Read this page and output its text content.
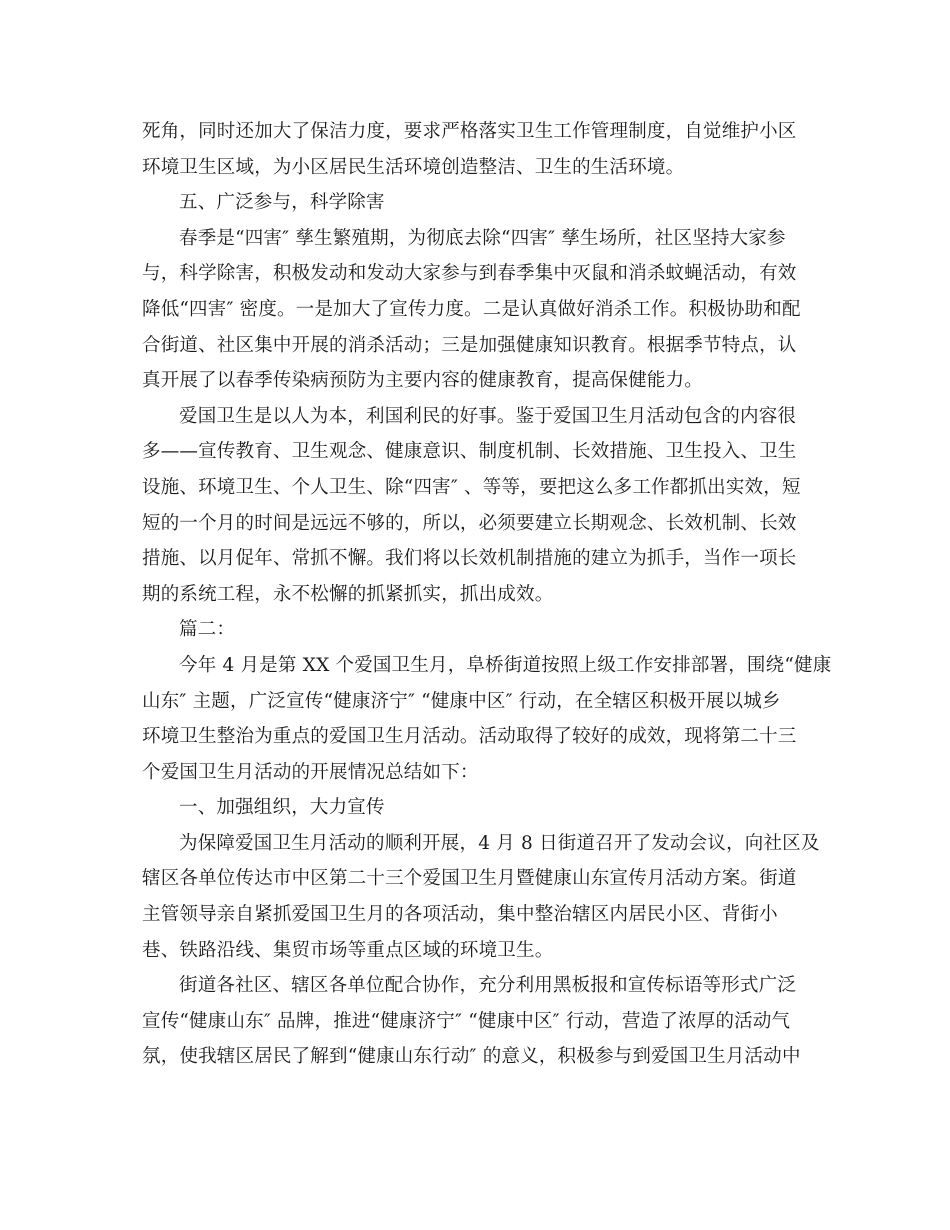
死角，同时还加大了保洁力度，要求严格落实卫生工作管理制度，自觉维护小区
环境卫生区域，为小区居民生活环境创造整洁、卫生的生活环境。
五、广泛参与，科学除害
春季是“四害″ 孳生繁殖期，为彻底去除“四害″ 孳生场所，社区坚持大家参
与，科学除害，积极发动和发动大家参与到春季集中灭鼠和消杀蚊蝇活动，有效
降低“四害″ 密度。一是加大了宣传力度。二是认真做好消杀工作。积极协助和配
合街道、社区集中开展的消杀活动；三是加强健康知识教育。根据季节特点，认
真开展了以春季传染病预防为主要内容的健康教育，提高保健能力。
爱国卫生是以人为本，利国利民的好事。鉴于爱国卫生月活动包含的内容很
多——宣传教育、卫生观念、健康意识、制度机制、长效措施、卫生投入、卫生
设施、环境卫生、个人卫生、除“四害″ 、等等，要把这么多工作都抓出实效，短
短的一个月的时间是远远不够的，所以，必须要建立长期观念、长效机制、长效
措施、以月促年、常抓不懈。我们将以长效机制措施的建立为抓手，当作一项长
期的系统工程，永不松懈的抓紧抓实，抓出成效。
篇二：
今年 4 月是第 XX 个爱国卫生月，阜桥街道按照上级工作安排部署，围绕“健康
山东″ 主题，广泛宣传“健康济宁″ “健康中区″ 行动，在全辖区积极开展以城乡
环境卫生整治为重点的爱国卫生月活动。活动取得了较好的成效，现将第二十三
个爱国卫生月活动的开展情况总结如下：
一、加强组织，大力宣传
为保障爱国卫生月活动的顺利开展，4 月 8 日街道召开了发动会议，向社区及
辖区各单位传达市中区第二十三个爱国卫生月暨健康山东宣传月活动方案。街道
主管领导亲自紧抓爱国卫生月的各项活动，集中整治辖区内居民小区、背街小
巷、铁路沿线、集贸市场等重点区域的环境卫生。
街道各社区、辖区各单位配合协作，充分利用黑板报和宣传标语等形式广泛
宣传“健康山东″ 品牌，推进“健康济宁″ “健康中区″ 行动，营造了浓厚的活动气
氛，使我辖区居民了解到“健康山东行动″ 的意义，积极参与到爱国卫生月活动中
